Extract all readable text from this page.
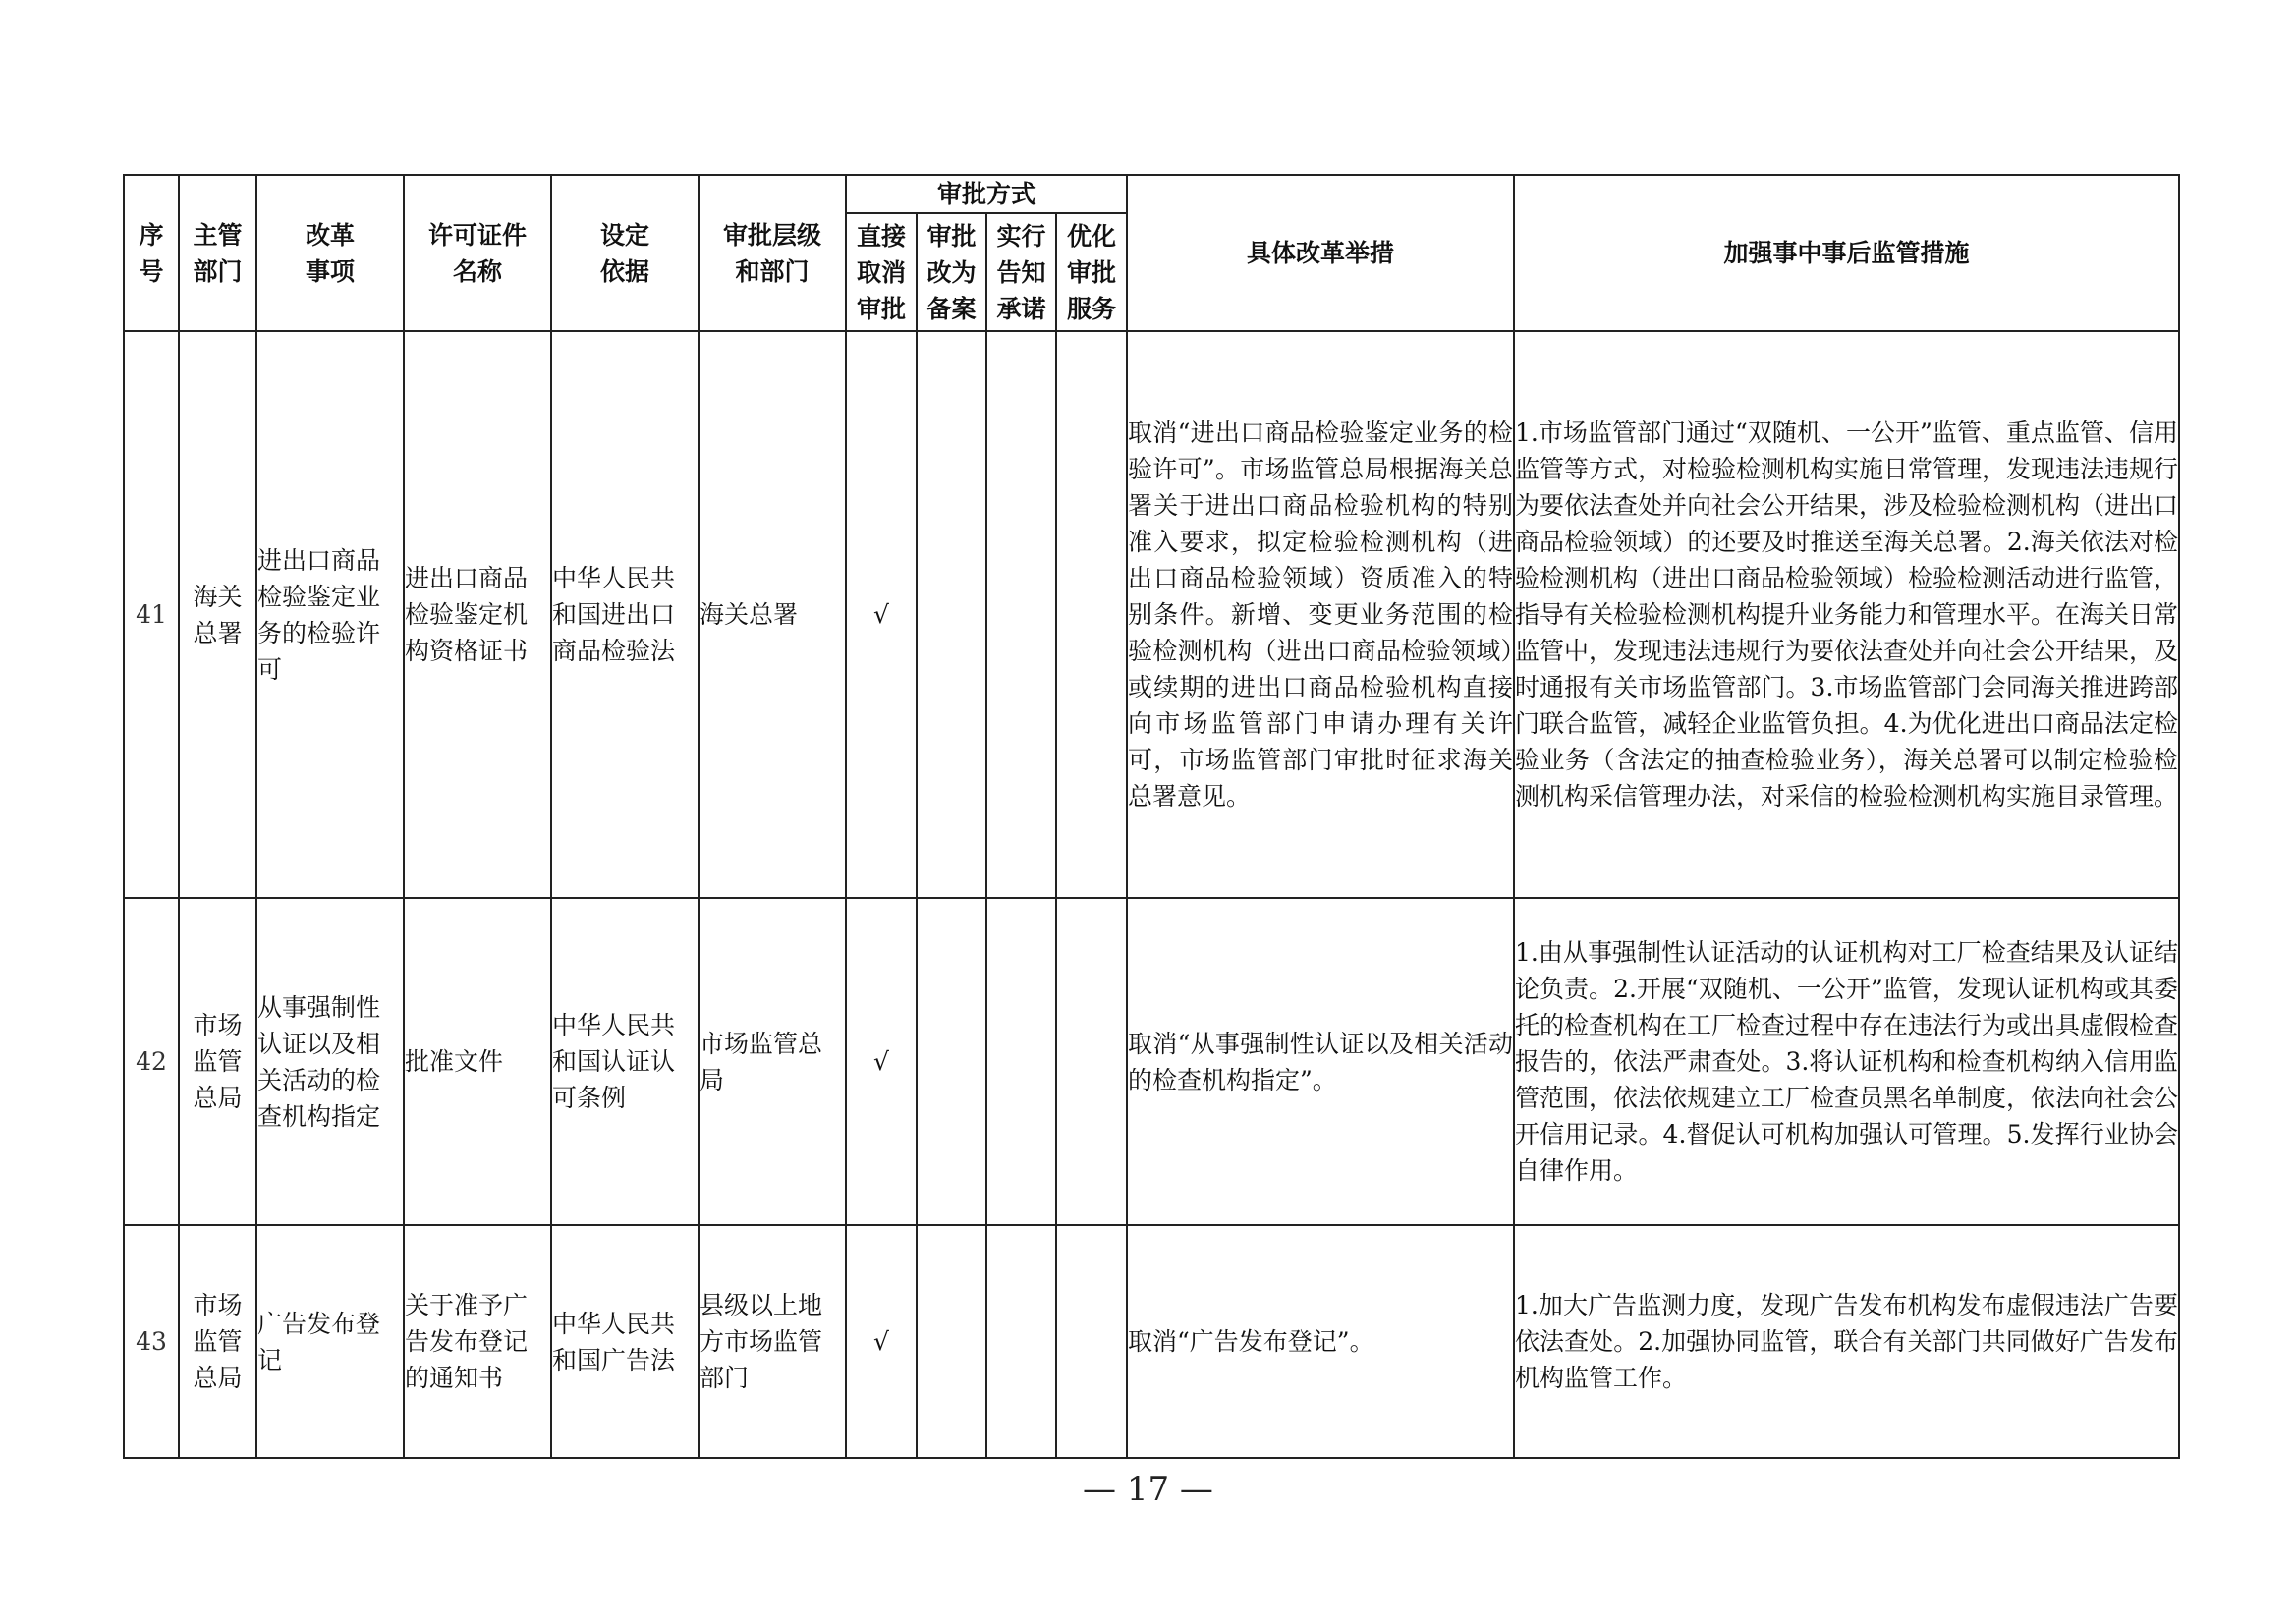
序号	主管部门	改革事项	许可证件名称	设定依据	审批层级和部门	审批方式				具体改革举措	加强事中事后监管措施
						直接取消审批	审批改为备案	实行告知承诺	优化审批服务		
41	海关总署	进出口商品检验鉴定业务的检验许可	进出口商品检验鉴定机构资格证书	中华人民共和国进出口商品检验法	海关总署	√				取消“进出口商品检验鉴定业务的检验许可”。市场监管总局根据海关总署关于进出口商品检验机构的特别准入要求，拟定检验检测机构（进出口商品检验领域）资质准入的特别条件。新增、变更业务范围的检验检测机构（进出口商品检验领域）或续期的进出口商品检验机构直接向市场监管部门申请办理有关许可，市场监管部门审批时征求海关总署意见。	1.市场监管部门通过“双随机、一公开”监管、重点监管、信用监管等方式，对检验检测机构实施日常管理，发现违法违规行为要依法查处并向社会公开结果，涉及检验检测机构（进出口商品检验领域）的还要及时推送至海关总署。2.海关依法对检验检测机构（进出口商品检验领域）检验检测活动进行监管，指导有关检验检测机构提升业务能力和管理水平。在海关日常监管中，发现违法违规行为要依法查处并向社会公开结果，及时通报有关市场监管部门。3.市场监管部门会同海关推进跨部门联合监管，减轻企业监管负担。4.为优化进出口商品法定检验业务（含法定的抽查检验业务），海关总署可以制定检验检测机构采信管理办法，对采信的检验检测机构实施目录管理。
42	市场监管总局	从事强制性认证以及相关活动的检查机构指定	批准文件	中华人民共和国认证认可条例	市场监管总局	√				取消“从事强制性认证以及相关活动的检查机构指定”。	1.由从事强制性认证活动的认证机构对工厂检查结果及认证结论负责。2.开展“双随机、一公开”监管，发现认证机构或其委托的检查机构在工厂检查过程中存在违法行为或出具虚假检查报告的，依法严肃查处。3.将认证机构和检查机构纳入信用监管范围，依法依规建立工厂检查员黑名单制度，依法向社会公开信用记录。4.督促认可机构加强认可管理。5.发挥行业协会自律作用。
43	市场监管总局	广告发布登记	关于准予广告发布登记的通知书	中华人民共和国广告法	县级以上地方市场监管部门	√				取消“广告发布登记”。	1.加大广告监测力度，发现广告发布机构发布虚假违法广告要依法查处。2.加强协同监管，联合有关部门共同做好广告发布机构监管工作。
— 17 —
